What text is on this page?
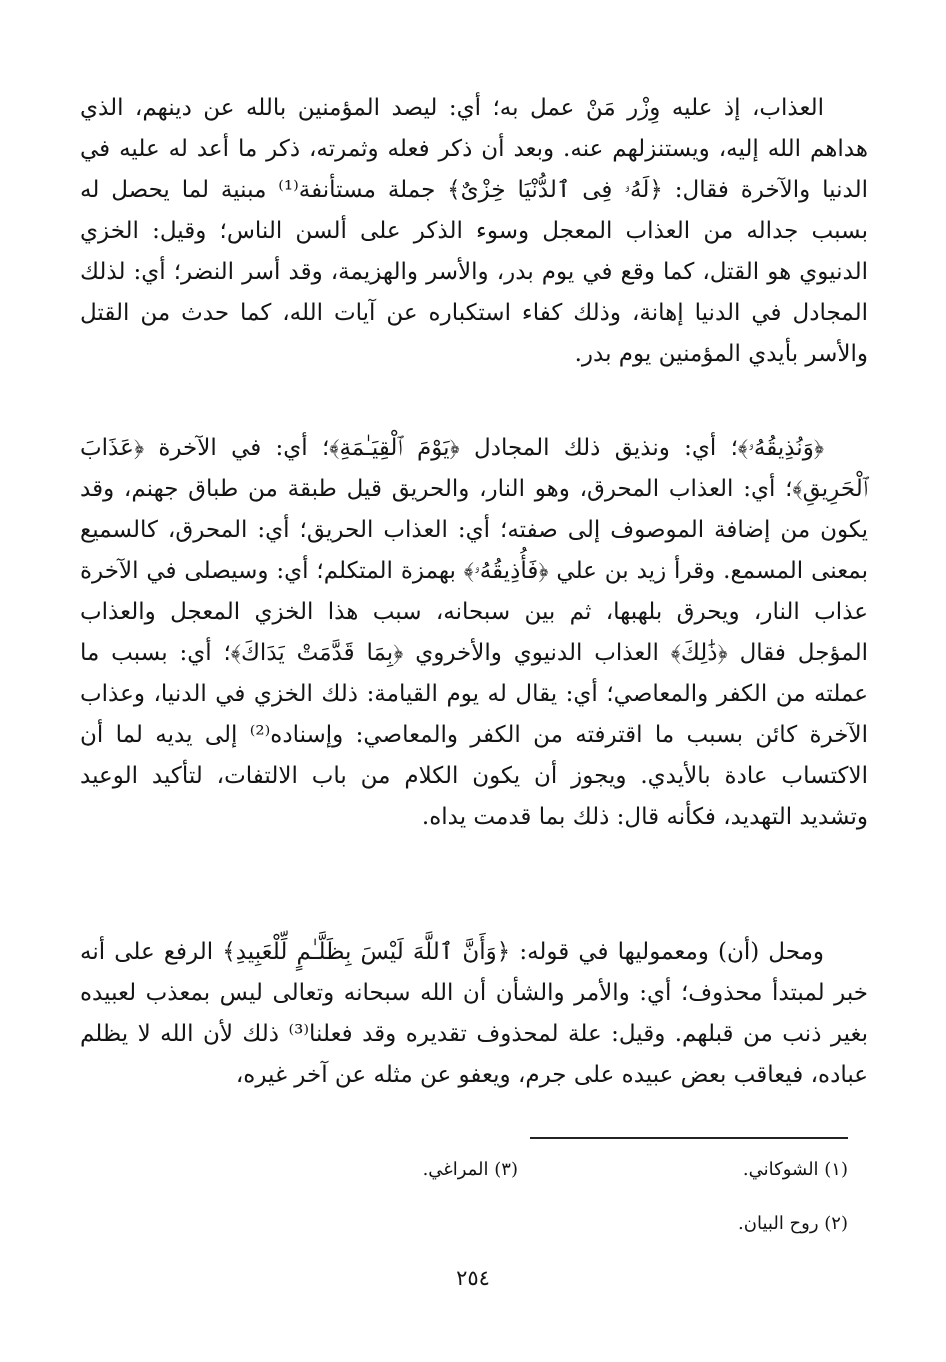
العذاب، إذ عليه وِزْر مَنْ عمل به؛ أي: ليصد المؤمنين بالله عن دينهم، الذي هداهم الله إليه، ويستنزلهم عنه. وبعد أن ذكر فعله وثمرته، ذكر ما أعد له عليه في الدنيا والآخرة فقال: ﴿لَهُۥ فِى ٱلدُّنْيَا خِزْىٌ﴾ جملة مستأنفة⁽¹⁾ مبنية لما يحصل له بسبب جداله من العذاب المعجل وسوء الذكر على ألسن الناس؛ وقيل: الخزي الدنيوي هو القتل، كما وقع في يوم بدر، والأسر والهزيمة، وقد أسر النضر؛ أي: لذلك المجادل في الدنيا إهانة، وذلك كفاء استكباره عن آيات الله، كما حدث من القتل والأسر بأيدي المؤمنين يوم بدر.

﴿وَنُذِيقُهُۥ﴾؛ أي: ونذيق ذلك المجادل ﴿يَوْمَ ٱلْقِيَـٰمَةِ﴾؛ أي: في الآخرة ﴿عَذَابَ ٱلْحَرِيقِ﴾؛ أي: العذاب المحرق، وهو النار، والحريق قيل طبقة من طباق جهنم، وقد يكون من إضافة الموصوف إلى صفته؛ أي: العذاب الحريق؛ أي: المحرق، كالسميع بمعنى المسمع. وقرأ زيد بن علي ﴿فَأُذِيقُهُۥ﴾ بهمزة المتكلم؛ أي: وسيصلى في الآخرة عذاب النار، ويحرق بلهبها، ثم بين سبحانه، سبب هذا الخزي المعجل والعذاب المؤجل فقال ﴿ذَٰلِكَ﴾ العذاب الدنيوي والأخروي ﴿بِمَا قَدَّمَتْ يَدَاكَ﴾؛ أي: بسبب ما عملته من الكفر والمعاصي؛ أي: يقال له يوم القيامة: ذلك الخزي في الدنيا، وعذاب الآخرة كائن بسبب ما اقترفته من الكفر والمعاصي: وإسناده⁽²⁾ إلى يديه لما أن الاكتساب عادة بالأيدي. ويجوز أن يكون الكلام من باب الالتفات، لتأكيد الوعيد وتشديد التهديد، فكأنه قال: ذلك بما قدمت يداه.

ومحل (أن) ومعموليها في قوله: ﴿وَأَنَّ ٱللَّهَ لَيْسَ بِظَلَّـٰمٍ لِّلْعَبِيدِ﴾ الرفع على أنه خبر لمبتدأ محذوف؛ أي: والأمر والشأن أن الله سبحانه وتعالى ليس بمعذب لعبيده بغير ذنب من قبلهم. وقيل: علة لمحذوف تقديره وقد فعلنا⁽³⁾ ذلك لأن الله لا يظلم عباده، فيعاقب بعض عبيده على جرم، ويعفو عن مثله عن آخر غيره،

(١) الشوكاني.
(٢) روح البيان.
(٣) المراغي.
٢٥٤
